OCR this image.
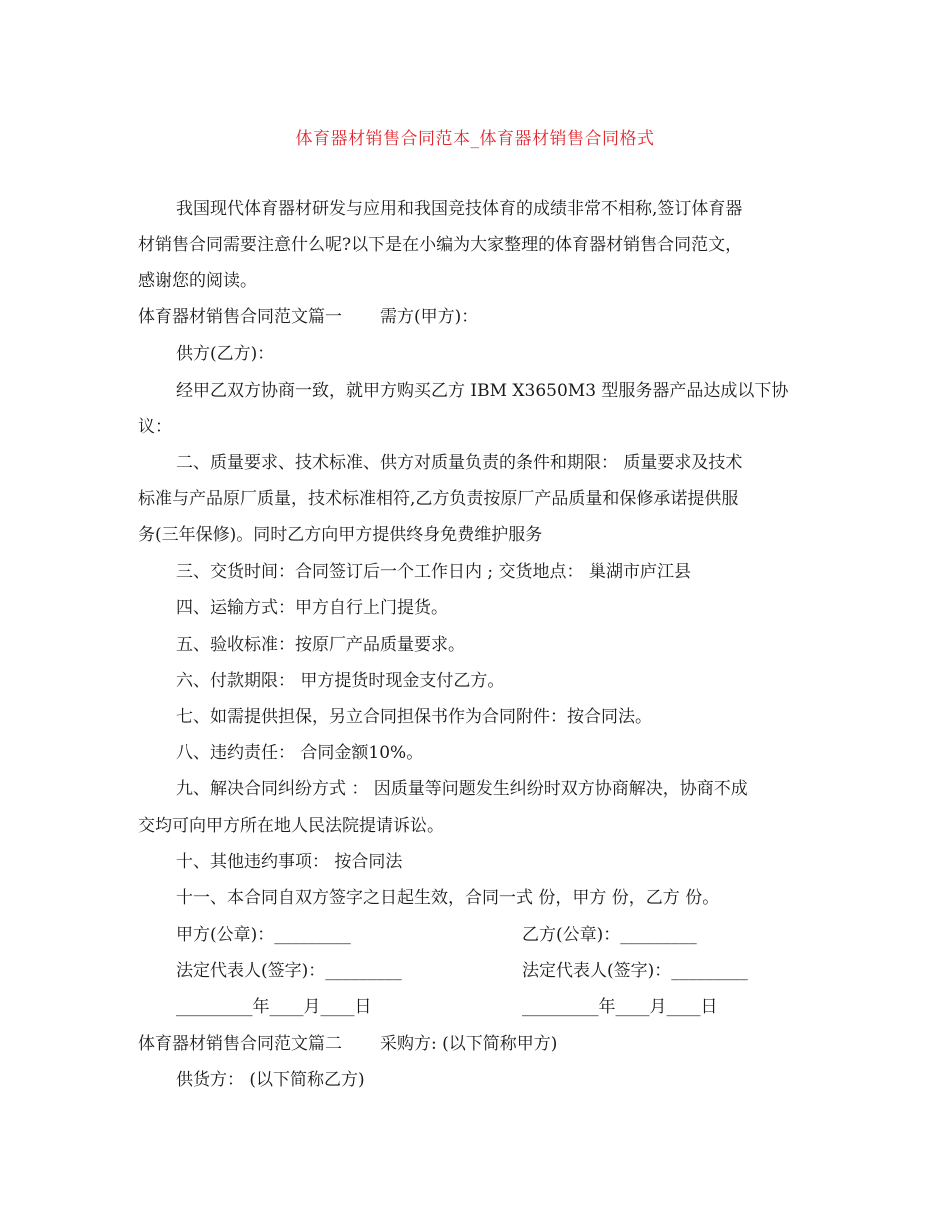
体育器材销售合同范本_体育器材销售合同格式
我国现代体育器材研发与应用和我国竞技体育的成绩非常不相称,签订体育器
材销售合同需要注意什么呢?以下是在小编为大家整理的体育器材销售合同范文，
感谢您的阅读。
体育器材销售合同范文篇一 需方(甲方)：
供方(乙方)：
经甲乙双方协商一致，就甲方购买乙方 IBM X3650M3 型服务器产品达成以下协
议：
二、质量要求、技术标准、供方对质量负责的条件和期限： 质量要求及技术
标准与产品原厂质量，技术标准相符,乙方负责按原厂产品质量和保修承诺提供服
务(三年保修)。同时乙方向甲方提供终身免费维护服务
三、交货时间：合同签订后一个工作日内 ; 交货地点： 巢湖市庐江县
四、运输方式：甲方自行上门提货。
五、验收标准：按原厂产品质量要求。
六、付款期限： 甲方提货时现金支付乙方。
七、如需提供担保，另立合同担保书作为合同附件：按合同法。
八、违约责任： 合同金额10%。
九、解决合同纠纷方式 ： 因质量等问题发生纠纷时双方协商解决，协商不成
交均可向甲方所在地人民法院提请诉讼。
十、其他违约事项： 按合同法
十一、本合同自双方签字之日起生效，合同一式 份，甲方 份，乙方 份。
甲方(公章)：_________	乙方(公章)：_________
法定代表人(签字)：_________	法定代表人(签字)：_________
_________年____月____日	_________年____月____日
体育器材销售合同范文篇二 采购方: (以下简称甲方)
供货方： (以下简称乙方)
